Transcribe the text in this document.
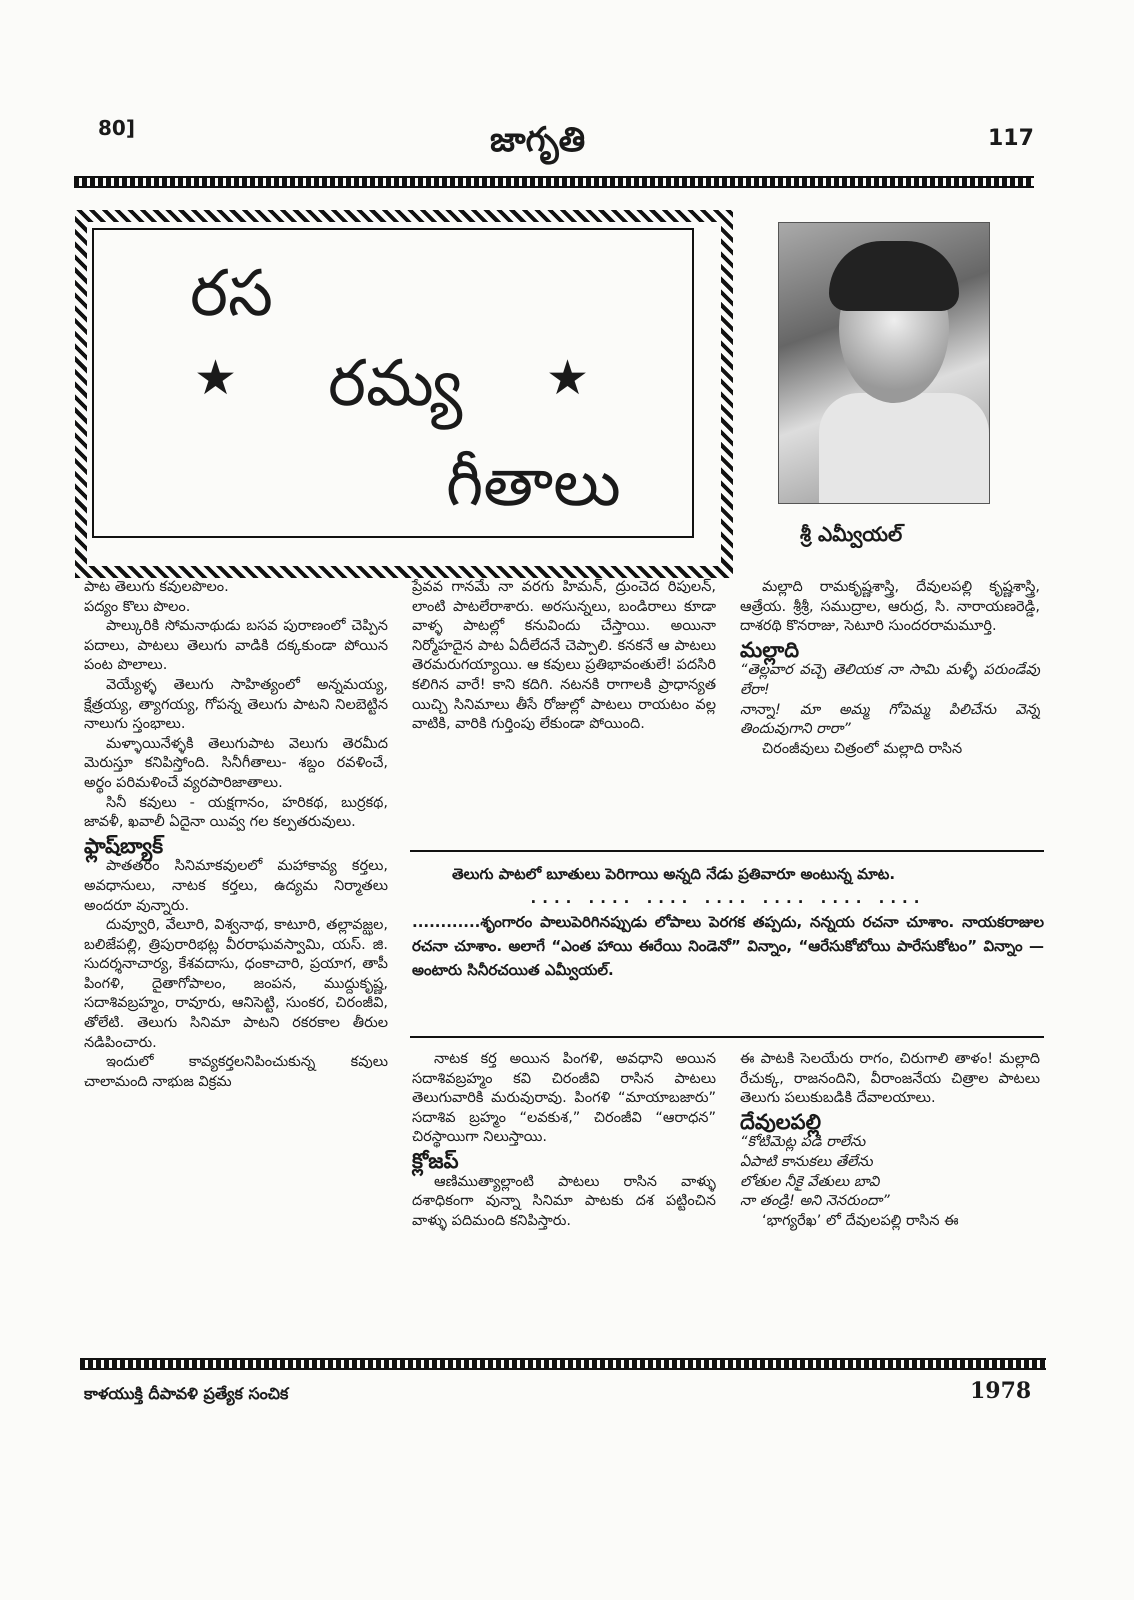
80]	జాగృతి	117
రస
★ రమ్య ★
గీతాలు
శ్రీ ఎమ్వీయల్

పాట తెలుగు కవులపొలం.

పద్యం కొలు పొలం.

పాల్కురికి సోమనాథుడు బసవ పురాణంలో చెప్పిన పదాలు, పాటలు తెలుగు వాడికి దక్కకుండా పోయిన పంట పొలాలు.

వెయ్యేళ్ళ తెలుగు సాహిత్యంలో అన్నమయ్య, క్షేత్రయ్య, త్యాగయ్య, గోపన్న తెలుగు పాటని నిలబెట్టిన నాలుగు స్తంభాలు.

మళ్ళాయినేళ్ళకి తెలుగుపాట వెలుగు తెరమీద మెరుస్తూ కనిపిస్తోంది. సినీగీతాలు- శబ్దం రవళించే, అర్థం పరిమళించే వ్యరపారిజాతాలు.

సినీ కవులు - యక్షగానం, హరికథ, బుర్రకథ, జావళీ, ఖవాలీ ఏదైనా యివ్వ గల కల్పతరువులు.

ఫ్లాష్‌బ్యాక్

పాతతరం సినిమాకవులలో మహాకావ్య కర్తలు, అవధానులు, నాటక కర్తలు, ఉద్యమ నిర్మాతలు అందరూ వున్నారు.

దువ్వూరి, వేలూరి, విశ్వనాథ, కాటూరి, తల్లావజ్ఝల, బలిజేపల్లి, త్రిపురారిభట్ల వీరరాఘవస్వామి, యస్. జి. సుదర్శనాచార్య, కేశవదాసు, ధంకాచారి, ప్రయాగ, తాపీ పింగళి, దైతాగోపాలం, జంపన, ముద్దుకృష్ణ, సదాశివబ్రహ్మం, రావూరు, ఆనిసెట్టి, సుంకర, చిరంజీవి, తోలేటి. తెలుగు సినిమా పాటని రకరకాల తీరుల నడిపించారు.

ఇందులో కావ్యకర్తలనిపించుకున్న కవులు చాలామంది నాభుజ విక్రమ

ప్రేవవ గానమే నా వరగు హిమన్, ద్రుంచెద రిపులన్, లాంటి పాటలేరాశారు. అరసున్నలు, బండిరాలు కూడా వాళ్ళ పాటల్లో కనువిందు చేస్తాయి. అయినా నిర్మోహదైన పాట ఏదీలేదనే చెప్పాలి. కనకనే ఆ పాటలు తెరమరుగయ్యాయి. ఆ కవులు ప్రతిభావంతులే! పదసిరి కలిగిన వారే! కాని కదిగి. నటనకి రాగాలకి ప్రాధాన్యత యిచ్చి సినిమాలు తీసే రోజుల్లో పాటలు రాయటం వల్ల వాటికి, వారికి గుర్తింపు లేకుండా పోయింది.

మల్లాది రామకృష్ణశాస్త్రి, దేవులపల్లి కృష్ణశాస్త్రి, ఆత్రేయ. శ్రీశ్రీ, సముద్రాల, ఆరుద్ర, సి. నారాయణరెడ్డి, దాశరథి కొనరాజు, సెటూరి సుందరరామమూర్తి.

మల్లాది

“తెల్లవార వచ్చె తెలియక నా సామి మళ్ళీ పరుండేవు లేరా!

నాన్నా! మా అమ్మ గోపెమ్మ పిలిచేను వెన్న తిందువుగాని రారా”

చిరంజీవులు చిత్రంలో మల్లాది రాసిన

తెలుగు పాటలో బూతులు పెరిగాయి అన్నది నేడు ప్రతివారూ అంటున్న మాట.

.... .... .... .... .... .... ....

............శృంగారం పాలుపెరిగినప్పుడు లోపాలు పెరగక తప్పదు, నన్నయ రచనా చూశాం. నాయకరాజుల రచనా చూశాం. అలాగే “ఎంత హాయి ఈరేయి నిండెనో” విన్నాం, “ఆరేసుకోబోయి పారేసుకోటం” విన్నాం — అంటారు సినీరచయిత ఎమ్వీయల్.

నాటక కర్త అయిన పింగళి, అవధాని అయిన సదాశివబ్రహ్మం కవి చిరంజీవి రాసిన పాటలు తెలుగువారికి మరువురావు. పింగళి “మాయాబజారు” సదాశివ బ్రహ్మం “లవకుశ,” చిరంజీవి “ఆరాధన” చిరస్థాయిగా నిలుస్తాయి.

క్లోజప్

ఆణిముత్యాల్లాంటి పాటలు రాసిన వాళ్ళు దశాధికంగా వున్నా సినిమా పాటకు దశ పట్టించిన వాళ్ళు పదిమంది కనిపిస్తారు.

ఈ పాటకి సెలయేరు రాగం, చిరుగాలి తాళం! మల్లాది రేచుక్క, రాజనందిని, వీరాంజనేయ చిత్రాల పాటలు తెలుగు పలుకుబడికి దేవాలయాలు.

దేవులపల్లి

“కోటిమెట్ల పడి రాలేను

ఏపాటి కానుకలు తేలేను

లోతుల నీకై వేతులు బావి

నా తండ్రి! అని నెనరుందా”

‘భాగ్యరేఖ’ లో దేవులపల్లి రాసిన ఈ

కాళయుక్తి దీపావళి ప్రత్యేక సంచిక	1978
